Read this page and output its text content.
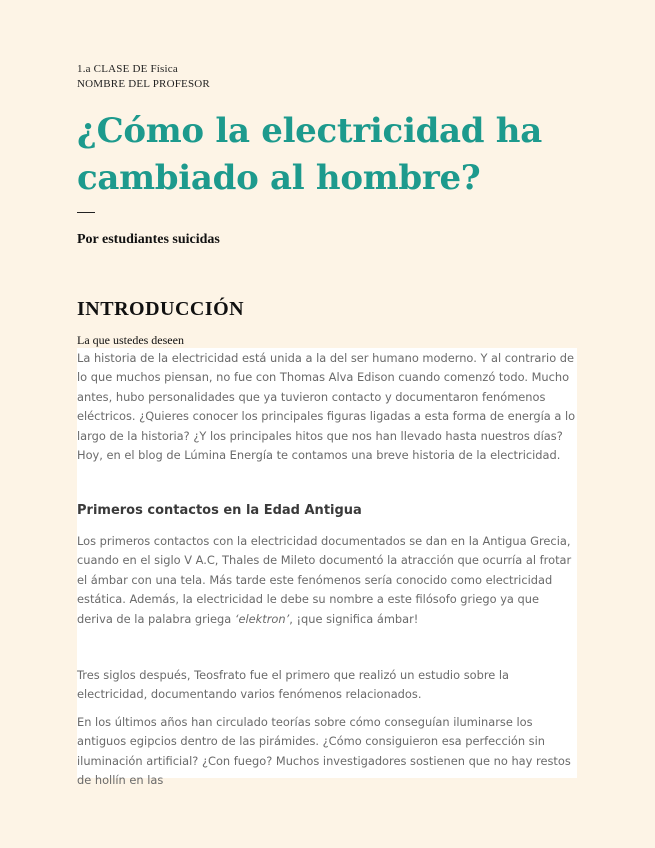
1.a CLASE DE Física
NOMBRE DEL PROFESOR
¿Cómo la electricidad ha
cambiado al hombre?
Por estudiantes suicidas
INTRODUCCIÓN
La que ustedes deseen

La historia de la electricidad está unida a la del ser humano moderno. Y al contrario de lo que muchos piensan, no fue con Thomas Alva Edison cuando comenzó todo. Mucho antes, hubo personalidades que ya tuvieron contacto y documentaron fenómenos eléctricos. ¿Quieres conocer los principales figuras ligadas a esta forma de energía a lo largo de la historia? ¿Y los principales hitos que nos han llevado hasta nuestros días? Hoy, en el blog de Lúmina Energía te contamos una breve historia de la electricidad.

Primeros contactos en la Edad Antigua

Los primeros contactos con la electricidad documentados se dan en la Antigua Grecia, cuando en el siglo V A.C, Thales de Mileto documentó la atracción que ocurría al frotar el ámbar con una tela. Más tarde este fenómenos sería conocido como electricidad estática. Además, la electricidad le debe su nombre a este filósofo griego ya que deriva de la palabra griega ‘elektron’, ¡que significa ámbar!

Tres siglos después, Teosfrato fue el primero que realizó un estudio sobre la electricidad, documentando varios fenómenos relacionados.

En los últimos años han circulado teorías sobre cómo conseguían iluminarse los antiguos egipcios dentro de las pirámides. ¿Cómo consiguieron esa perfección sin iluminación artificial? ¿Con fuego? Muchos investigadores sostienen que no hay restos de hollín en las
